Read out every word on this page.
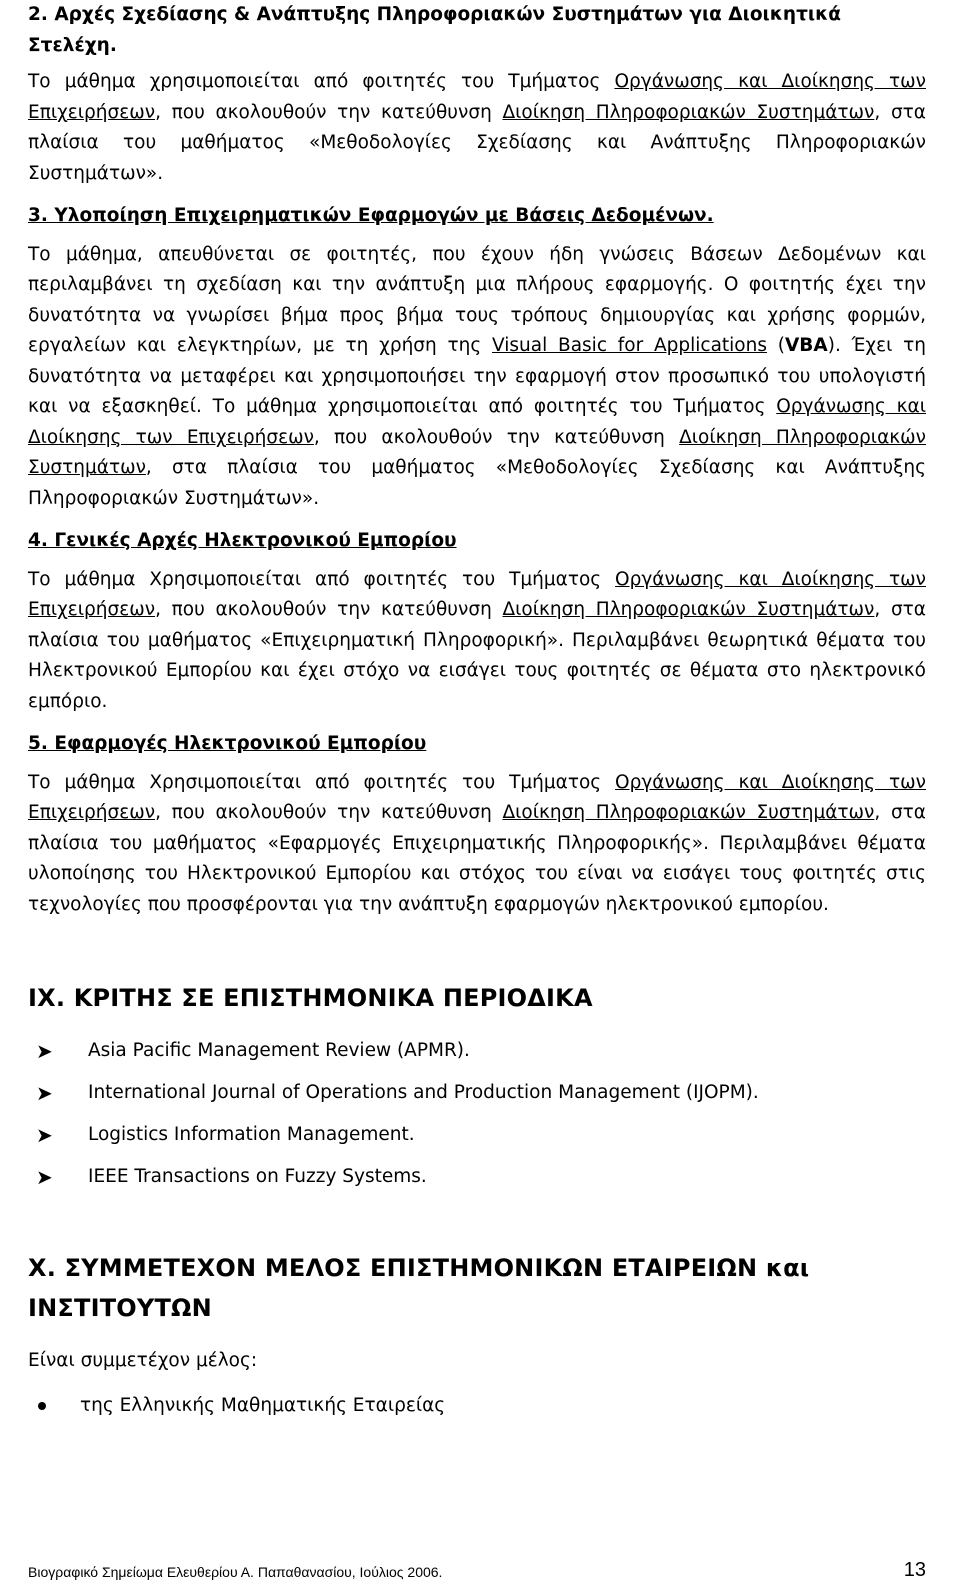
2. Αρχές Σχεδίασης & Ανάπτυξης Πληροφοριακών Συστημάτων για Διοικητικά Στελέχη.

Το μάθημα χρησιμοποιείται από φοιτητές του Τμήματος Οργάνωσης και Διοίκησης των Επιχειρήσεων, που ακολουθούν την κατεύθυνση Διοίκηση Πληροφοριακών Συστημάτων, στα πλαίσια του μαθήματος «Μεθοδολογίες Σχεδίασης και Ανάπτυξης Πληροφοριακών Συστημάτων».

3. Υλοποίηση Επιχειρηματικών Εφαρμογών με Βάσεις Δεδομένων.

Το μάθημα, απευθύνεται σε φοιτητές, που έχουν ήδη γνώσεις Βάσεων Δεδομένων και περιλαμβάνει τη σχεδίαση και την ανάπτυξη μια πλήρους εφαρμογής. Ο φοιτητής έχει την δυνατότητα να γνωρίσει βήμα προς βήμα τους τρόπους δημιουργίας και χρήσης φορμών, εργαλείων και ελεγκτηρίων, με τη χρήση της Visual Basic for Applications (VBA). Έχει τη δυνατότητα να μεταφέρει και χρησιμοποιήσει την εφαρμογή στον προσωπικό του υπολογιστή και να εξασκηθεί. Το μάθημα χρησιμοποιείται από φοιτητές του Τμήματος Οργάνωσης και Διοίκησης των Επιχειρήσεων, που ακολουθούν την κατεύθυνση Διοίκηση Πληροφοριακών Συστημάτων, στα πλαίσια του μαθήματος «Μεθοδολογίες Σχεδίασης και Ανάπτυξης Πληροφοριακών Συστημάτων».

4. Γενικές Αρχές Ηλεκτρονικού Εμπορίου

Το μάθημα Χρησιμοποιείται από φοιτητές του Τμήματος Οργάνωσης και Διοίκησης των Επιχειρήσεων, που ακολουθούν την κατεύθυνση Διοίκηση Πληροφοριακών Συστημάτων, στα πλαίσια του μαθήματος «Επιχειρηματική Πληροφορική». Περιλαμβάνει θεωρητικά θέματα του Ηλεκτρονικού Εμπορίου και έχει στόχο να εισάγει τους φοιτητές σε θέματα στο ηλεκτρονικό εμπόριο.

5. Εφαρμογές Ηλεκτρονικού Εμπορίου

Το μάθημα Χρησιμοποιείται από φοιτητές του Τμήματος Οργάνωσης και Διοίκησης των Επιχειρήσεων, που ακολουθούν την κατεύθυνση Διοίκηση Πληροφοριακών Συστημάτων, στα πλαίσια του μαθήματος «Εφαρμογές Επιχειρηματικής Πληροφορικής». Περιλαμβάνει θέματα υλοποίησης του Ηλεκτρονικού Εμπορίου και στόχος του είναι να εισάγει τους φοιτητές στις τεχνολογίες που προσφέρονται για την ανάπτυξη εφαρμογών ηλεκτρονικού εμπορίου.

IX. ΚΡΙΤΗΣ ΣΕ ΕΠΙΣΤΗΜΟΝΙΚΑ ΠΕΡΙΟΔΙΚΑ

➤ Asia Pacific Management Review (APMR).
➤ International Journal of Operations and Production Management (IJOPM).
➤ Logistics Information Management.
➤ IEEE Transactions on Fuzzy Systems.

X. ΣΥΜΜΕΤΕΧΟΝ ΜΕΛΟΣ ΕΠΙΣΤΗΜΟΝΙΚΩΝ ΕΤΑΙΡΕΙΩΝ και ΙΝΣΤΙΤΟΥΤΩΝ

Είναι συμμετέχον μέλος:

της Ελληνικής Μαθηματικής Εταιρείας
Βιογραφικό Σημείωμα Ελευθερίου Α. Παπαθανασίου, Ιούλιος 2006.	13
